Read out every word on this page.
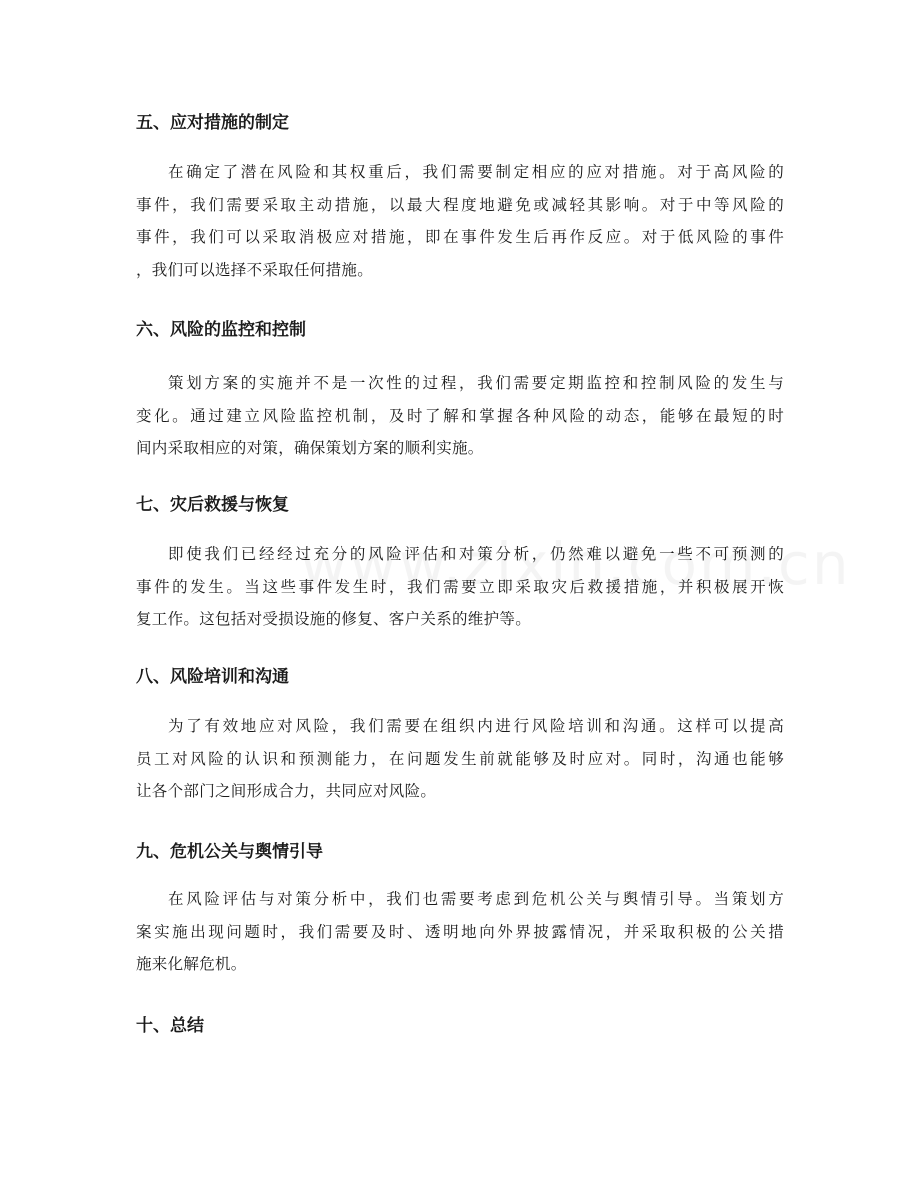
五、应对措施的制定
在确定了潜在风险和其权重后，我们需要制定相应的应对措施。对于高风险的
事件，我们需要采取主动措施，以最大程度地避免或减轻其影响。对于中等风险的
事件，我们可以采取消极应对措施，即在事件发生后再作反应。对于低风险的事件
，我们可以选择不采取任何措施。
六、风险的监控和控制
策划方案的实施并不是一次性的过程，我们需要定期监控和控制风险的发生与
变化。通过建立风险监控机制，及时了解和掌握各种风险的动态，能够在最短的时
间内采取相应的对策，确保策划方案的顺利实施。
七、灾后救援与恢复
即使我们已经经过充分的风险评估和对策分析，仍然难以避免一些不可预测的
事件的发生。当这些事件发生时，我们需要立即采取灾后救援措施，并积极展开恢
复工作。这包括对受损设施的修复、客户关系的维护等。
八、风险培训和沟通
为了有效地应对风险，我们需要在组织内进行风险培训和沟通。这样可以提高
员工对风险的认识和预测能力，在问题发生前就能够及时应对。同时，沟通也能够
让各个部门之间形成合力，共同应对风险。
九、危机公关与舆情引导
在风险评估与对策分析中，我们也需要考虑到危机公关与舆情引导。当策划方
案实施出现问题时，我们需要及时、透明地向外界披露情况，并采取积极的公关措
施来化解危机。
十、总结
